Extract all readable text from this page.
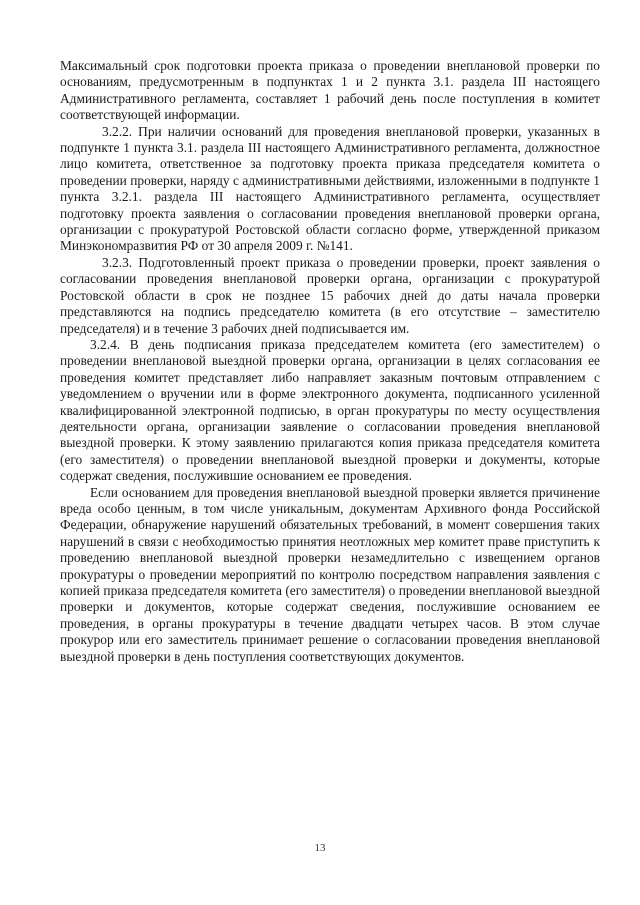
Максимальный срок подготовки проекта приказа о проведении внеплановой проверки по основаниям, предусмотренным в подпунктах 1 и 2 пункта 3.1. раздела III настоящего Административного регламента, составляет 1 рабочий день после поступления в комитет соответствующей информации.

3.2.2. При наличии оснований для проведения внеплановой проверки, указанных в подпункте 1 пункта 3.1. раздела III настоящего Административного регламента, должностное лицо комитета, ответственное за подготовку проекта приказа председателя комитета о проведении проверки, наряду с административными действиями, изложенными в подпункте 1 пункта 3.2.1. раздела III настоящего Административного регламента, осуществляет подготовку проекта заявления о согласовании проведения внеплановой проверки органа, организации с прокуратурой Ростовской области согласно форме, утвержденной приказом Минэкономразвития РФ от 30 апреля 2009 г. №141.

3.2.3. Подготовленный проект приказа о проведении проверки, проект заявления о согласовании проведения внеплановой проверки органа, организации с прокуратурой Ростовской области в срок не позднее 15 рабочих дней до даты начала проверки представляются на подпись председателю комитета (в его отсутствие – заместителю председателя) и в течение 3 рабочих дней подписывается им.

3.2.4. В день подписания приказа председателем комитета (его заместителем) о проведении внеплановой выездной проверки органа, организации в целях согласования ее проведения комитет представляет либо направляет заказным почтовым отправлением с уведомлением о вручении или в форме электронного документа, подписанного усиленной квалифицированной электронной подписью, в орган прокуратуры по месту осуществления деятельности органа, организации заявление о согласовании проведения внеплановой выездной проверки. К этому заявлению прилагаются копия приказа председателя комитета (его заместителя) о проведении внеплановой выездной проверки и документы, которые содержат сведения, послужившие основанием ее проведения.

Если основанием для проведения внеплановой выездной проверки является причинение вреда особо ценным, в том числе уникальным, документам Архивного фонда Российской Федерации, обнаружение нарушений обязательных требований, в момент совершения таких нарушений в связи с необходимостью принятия неотложных мер комитет праве приступить к проведению внеплановой выездной проверки незамедлительно с извещением органов прокуратуры о проведении мероприятий по контролю посредством направления заявления с копией приказа председателя комитета (его заместителя) о проведении внеплановой выездной проверки и документов, которые содержат сведения, послужившие основанием ее проведения, в органы прокуратуры в течение двадцати четырех часов. В этом случае прокурор или его заместитель принимает решение о согласовании проведения внеплановой выездной проверки в день поступления соответствующих документов.

13
